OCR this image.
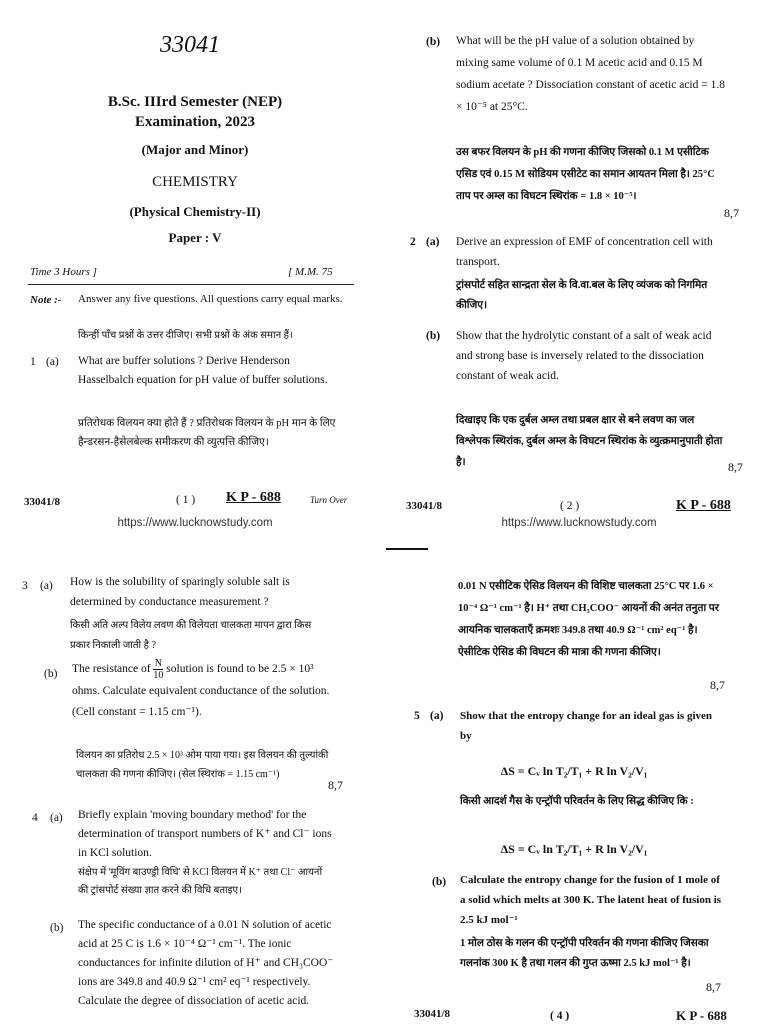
33041
B.Sc. IIIrd Semester (NEP)
Examination, 2023
(Major and Minor)
CHEMISTRY
(Physical Chemistry-II)
Paper : V
Time 3 Hours ]	[ M.M. 75
Note :- Answer any five questions. All questions carry equal marks.
किन्हीं पाँच प्रश्नों के उत्तर दीजिए। सभी प्रश्नों के अंक समान हैं।
1 (a) What are buffer solutions ? Derive Henderson Hasselbalch equation for pH value of buffer solutions.
प्रतिरोधक विलयन क्या होते हैं ? प्रतिरोधक विलयन के pH मान के लिए हैन्डरसन-हैसेलबेल्क समीकरण की व्युत्पत्ति कीजिए।
33041/8	( 1 ) K P - 688	Turn Over
https://www.lucknowstudy.com
(b) What will be the pH value of a solution obtained by mixing same volume of 0.1 M acetic acid and 0.15 M sodium acetate ? Dissociation constant of acetic acid = 1.8 × 10⁻⁵ at 25°C.
उस बफर विलयन के pH की गणना कीजिए जिसको 0.1 M एसीटिक एसिड एवं 0.15 M सोडियम एसीटेट का समान आयतन मिला है। 25°C ताप पर अम्ल का विघटन स्थिरांक = 1.8 × 10⁻⁵।
8,7
2 (a) Derive an expression of EMF of concentration cell with transport.
ट्रांसपोर्ट सहित सान्द्रता सेल के वि.वा.बल के लिए व्यंजक को निगमित कीजिए।
(b) Show that the hydrolytic constant of a salt of weak acid and strong base is inversely related to the dissociation constant of weak acid.
दिखाइए कि एक दुर्बल अम्ल तथा प्रबल क्षार से बने लवण का जल विश्लेपक स्थिरांक, दुर्बल अम्ल के विघटन स्थिरांक के व्युत्क्रमानुपाती होता है।	8,7
33041/8	( 2 )	K P - 688
https://www.lucknowstudy.com
3 (a) How is the solubility of sparingly soluble salt is determined by conductance measurement ?
किसी अति अल्प विलेय लवण की विलेयता चालकता मापन द्वारा किस प्रकार निकाली जाती है ?
(b) The resistance of $\frac{N}{10}$ solution is found to be 2.5 × 10³ ohms. Calculate equivalent conductance of the solution. (Cell constant = 1.15 cm⁻¹).
विलयन का प्रतिरोध 2.5 × 10³ ओम पाया गया। इस विलयन की तुल्यांकी चालकता की गणना कीजिए। (सेल स्थिरांक = 1.15 cm⁻¹)
8,7
4 (a) Briefly explain 'moving boundary method' for the determination of transport numbers of K⁺ and Cl⁻ ions in KCl solution.
संक्षेप में 'मूविंग बाउण्ड्री विधि' से KCl विलयन में K⁺ तथा Cl⁻ आयनों की ट्रांसपोर्ट संख्या ज्ञात करने की विधि बताइए।
(b) The specific conductance of a 0.01 N solution of acetic acid at 25 C is 1.6 × 10⁻⁴ Ω⁻¹ cm⁻¹. The ionic conductances for infinite dilution of H⁺ and CH₃COO⁻ ions are 349.8 and 40.9 Ω⁻¹ cm² eq⁻¹ respectively. Calculate the degree of dissociation of acetic acid.
0.01 N एसीटिक ऐसिड विलयन की विशिष्ट चालकता 25°C पर 1.6 × 10⁻⁴ Ω⁻¹ cm⁻¹ है। H⁺ तथा CH₃COO⁻ आयनों की अनंत तनुता पर आयनिक चालकताएँ क्रमशः 349.8 तथा 40.9 Ω⁻¹ cm² eq⁻¹ है। ऐसीटिक ऐसिड की विघटन की मात्रा की गणना कीजिए।
8,7
5 (a) Show that the entropy change for an ideal gas is given by
ΔS = Cᵥ ln T₂/T₁ + R ln V₂/V₁
किसी आदर्श गैस के एन्ट्रॉपी परिवर्तन के लिए सिद्ध कीजिए कि :
ΔS = Cᵥ ln T₂/T₁ + R ln V₂/V₁
(b) Calculate the entropy change for the fusion of 1 mole of a solid which melts at 300 K. The latent heat of fusion is 2.5 kJ mol⁻¹
1 मोल ठोस के गलन की एन्ट्रॉपी परिवर्तन की गणना कीजिए जिसका गलनांक 300 K है तथा गलन की गुप्त ऊष्मा 2.5 kJ mol⁻¹ है।
8,7
33041/8	( 4 )	K P - 688
